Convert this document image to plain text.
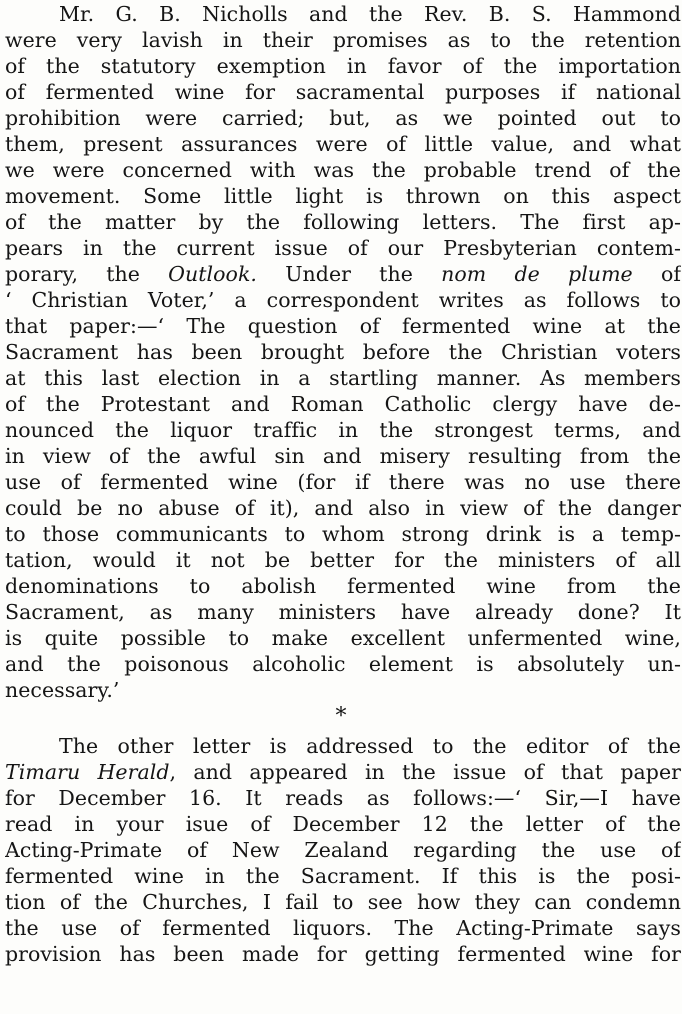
Mr. G. B. Nicholls and the Rev. B. S. Hammond
were very lavish in their promises as to the retention
of the statutory exemption in favor of the importation
of fermented wine for sacramental purposes if national
prohibition were carried; but, as we pointed out to
them, present assurances were of little value, and what
we were concerned with was the probable trend of the
movement. Some little light is thrown on this aspect
of the matter by the following letters. The first ap-
pears in the current issue of our Presbyterian contem-
porary, the Outlook. Under the nom de plume of
‘ Christian Voter,’ a correspondent writes as follows to
that paper:—‘ The question of fermented wine at the
Sacrament has been brought before the Christian voters
at this last election in a startling manner. As members
of the Protestant and Roman Catholic clergy have de-
nounced the liquor traffic in the strongest terms, and
in view of the awful sin and misery resulting from the
use of fermented wine (for if there was no use there
could be no abuse of it), and also in view of the danger
to those communicants to whom strong drink is a temp-
tation, would it not be better for the ministers of all
denominations to abolish fermented wine from the
Sacrament, as many ministers have already done? It
is quite possible to make excellent unfermented wine,
and the poisonous alcoholic element is absolutely un-
necessary.’
*
The other letter is addressed to the editor of the
Timaru Herald, and appeared in the issue of that paper
for December 16. It reads as follows:—‘ Sir,—I have
read in your isue of December 12 the letter of the
Acting-Primate of New Zealand regarding the use of
fermented wine in the Sacrament. If this is the posi-
tion of the Churches, I fail to see how they can condemn
the use of fermented liquors. The Acting-Primate says
provision has been made for getting fermented wine for
